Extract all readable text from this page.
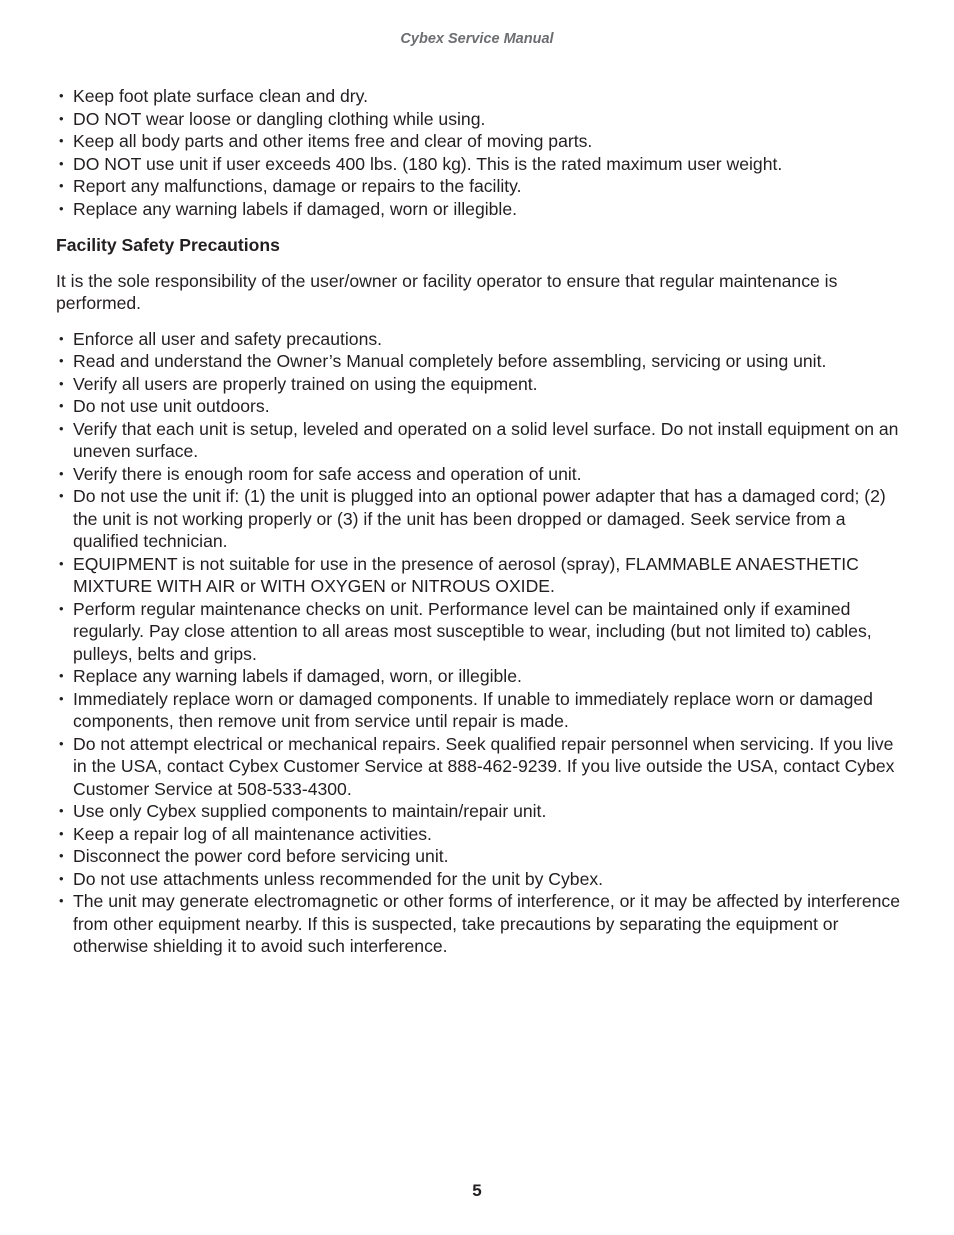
Cybex Service Manual
• Keep foot plate surface clean and dry.
• DO NOT wear loose or dangling clothing while using.
• Keep all body parts and other items free and clear of moving parts.
• DO NOT use unit if user exceeds 400 lbs. (180 kg). This is the rated maximum user weight.
• Report any malfunctions, damage or repairs to the facility.
• Replace any warning labels if damaged, worn or illegible.
Facility Safety Precautions
It is the sole responsibility of the user/owner or facility operator to ensure that regular maintenance is performed.
• Enforce all user and safety precautions.
• Read and understand the Owner’s Manual completely before assembling, servicing or using unit.
• Verify all users are properly trained on using the equipment.
• Do not use unit outdoors.
• Verify that each unit is setup, leveled and operated on a solid level surface. Do not install equipment on an uneven surface.
• Verify there is enough room for safe access and operation of unit.
• Do not use the unit if: (1) the unit is plugged into an optional power adapter that has a damaged cord; (2) the unit is not working properly or (3) if the unit has been dropped or damaged. Seek service from a qualified technician.
• EQUIPMENT is not suitable for use in the presence of aerosol (spray), FLAMMABLE ANAESTHETIC MIXTURE WITH AIR or WITH OXYGEN or NITROUS OXIDE.
• Perform regular maintenance checks on unit. Performance level can be maintained only if examined regularly. Pay close attention to all areas most susceptible to wear, including (but not limited to) cables, pulleys, belts and grips.
• Replace any warning labels if damaged, worn, or illegible.
• Immediately replace worn or damaged components. If unable to immediately replace worn or damaged components, then remove unit from service until repair is made.
• Do not attempt electrical or mechanical repairs. Seek qualified repair personnel when servicing. If you live in the USA, contact Cybex Customer Service at 888-462-9239. If you live outside the USA, contact Cybex Customer Service at 508-533-4300.
• Use only Cybex supplied components to maintain/repair unit.
• Keep a repair log of all maintenance activities.
• Disconnect the power cord before servicing unit.
• Do not use attachments unless recommended for the unit by Cybex.
• The unit may generate electromagnetic or other forms of interference, or it may be affected by interference from other equipment nearby. If this is suspected, take precautions by separating the equipment or otherwise shielding it to avoid such interference.
5
